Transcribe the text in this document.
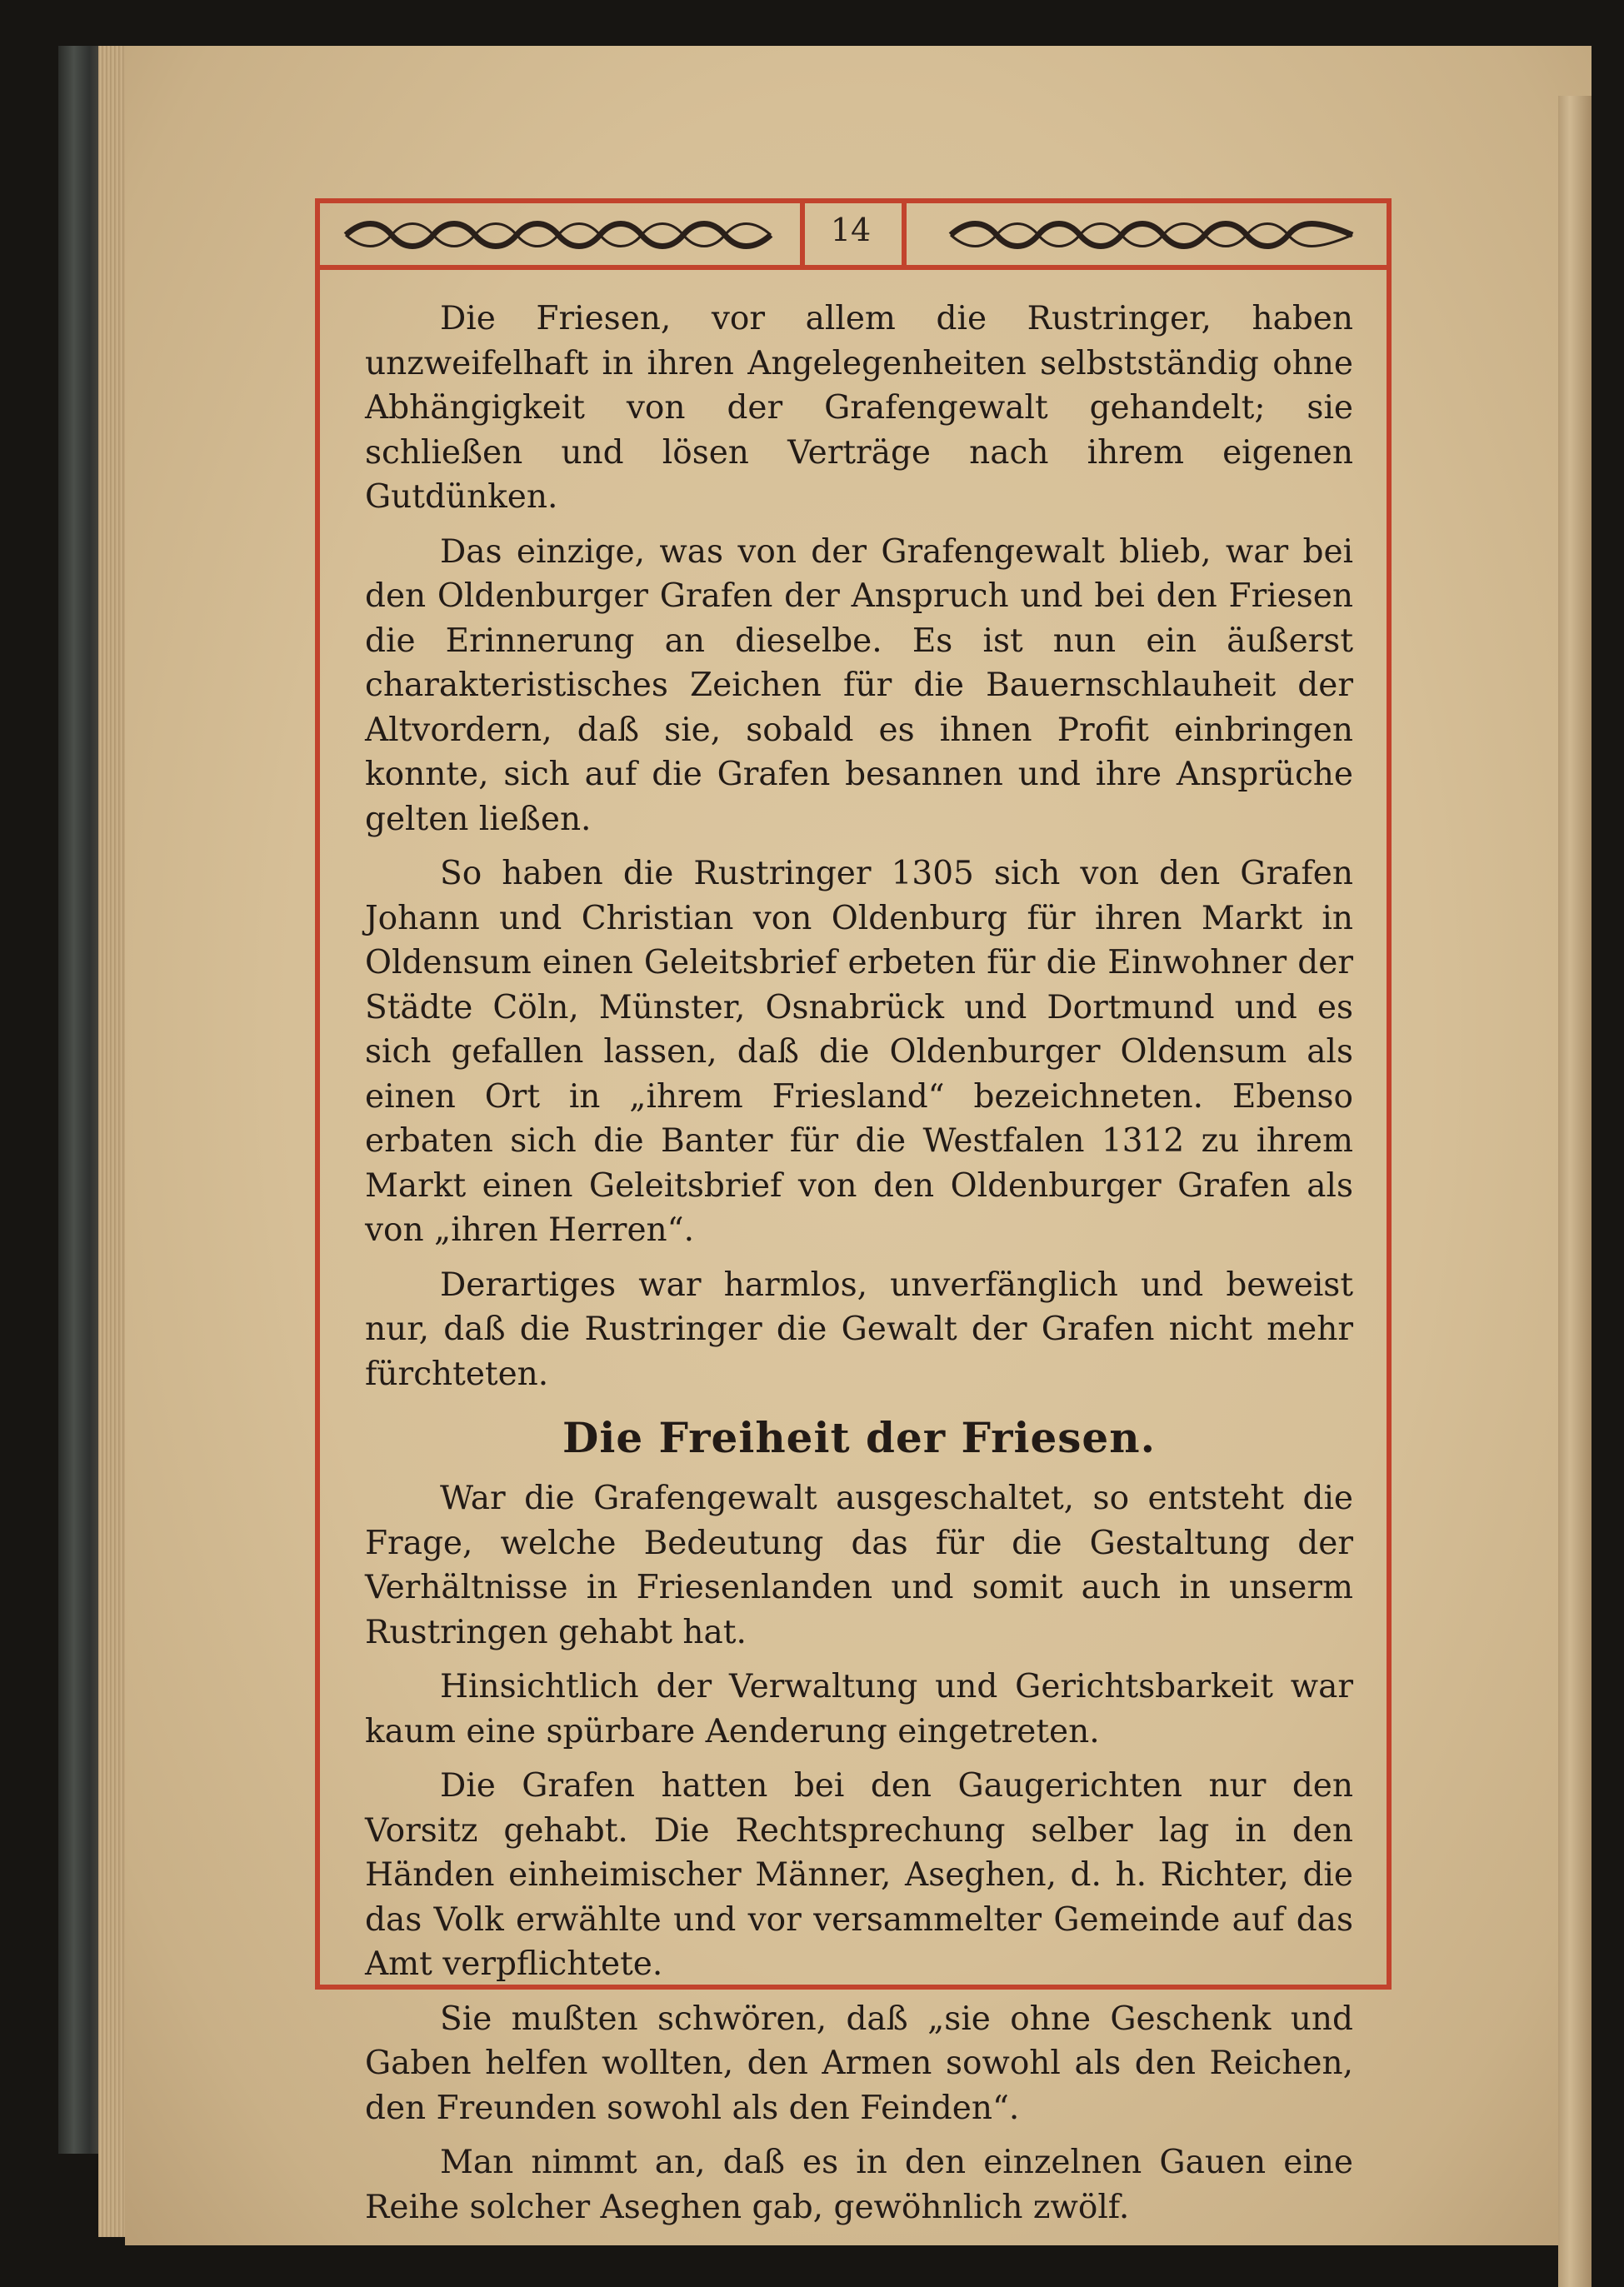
14

Die Friesen, vor allem die Rustringer, haben unzweifelhaft in ihren Angelegenheiten selbstständig ohne Abhängigkeit von der Grafengewalt gehandelt; sie schließen und lösen Verträge nach ihrem eigenen Gutdünken.

Das einzige, was von der Grafengewalt blieb, war bei den Oldenburger Grafen der Anspruch und bei den Friesen die Erinnerung an dieselbe. Es ist nun ein äußerst charakteristisches Zeichen für die Bauernschlauheit der Altvordern, daß sie, sobald es ihnen Profit einbringen konnte, sich auf die Grafen besannen und ihre Ansprüche gelten ließen.

So haben die Rustringer 1305 sich von den Grafen Johann und Christian von Oldenburg für ihren Markt in Oldensum einen Geleitsbrief erbeten für die Einwohner der Städte Cöln, Münster, Osnabrück und Dortmund und es sich gefallen lassen, daß die Oldenburger Oldensum als einen Ort in „ihrem Friesland“ bezeichneten. Ebenso erbaten sich die Banter für die Westfalen 1312 zu ihrem Markt einen Geleitsbrief von den Oldenburger Grafen als von „ihren Herren“.

Derartiges war harmlos, unverfänglich und beweist nur, daß die Rustringer die Gewalt der Grafen nicht mehr fürchteten.

Die Freiheit der Friesen.

War die Grafengewalt ausgeschaltet, so entsteht die Frage, welche Bedeutung das für die Gestaltung der Verhältnisse in Friesenlanden und somit auch in unserm Rustringen gehabt hat.

Hinsichtlich der Verwaltung und Gerichtsbarkeit war kaum eine spürbare Aenderung eingetreten.

Die Grafen hatten bei den Gaugerichten nur den Vorsitz gehabt. Die Rechtsprechung selber lag in den Händen einheimischer Männer, Aseghen, d. h. Richter, die das Volk erwählte und vor versammelter Gemeinde auf das Amt verpflichtete.

Sie mußten schwören, daß „sie ohne Geschenk und Gaben helfen wollten, den Armen sowohl als den Reichen, den Freunden sowohl als den Feinden“.

Man nimmt an, daß es in den einzelnen Gauen eine Reihe solcher Aseghen gab, gewöhnlich zwölf.
